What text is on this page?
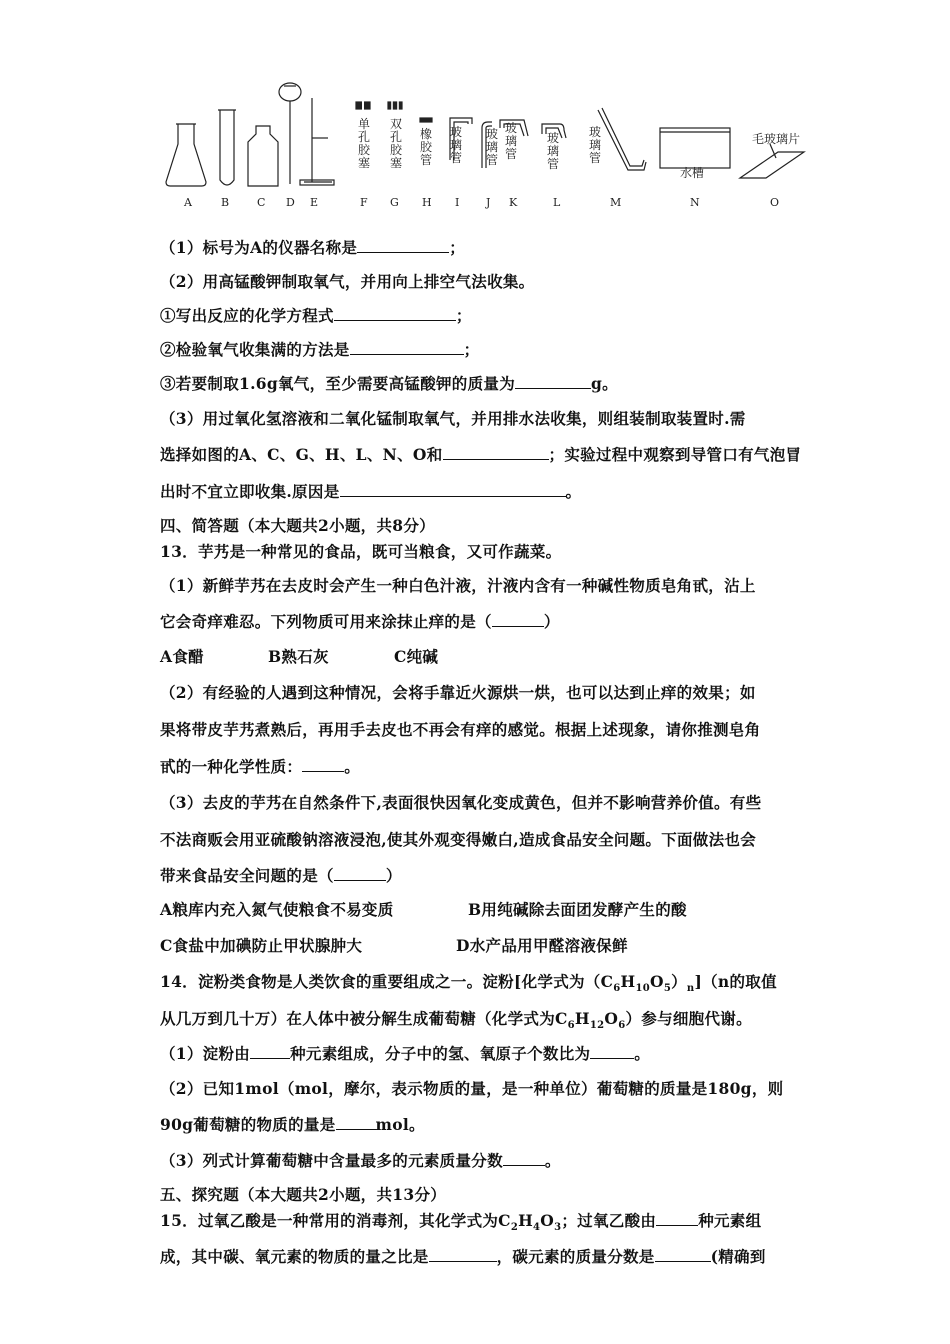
单孔胶塞
双孔胶塞
橡胶管
玻璃管
玻璃管
玻璃管
玻璃管
玻璃管
水槽
毛玻璃片
A	B	C D E	F G H I J K	L	M	N	O
（1）标号为A的仪器名称是	；
（2）用高锰酸钾制取氧气，并用向上排空气法收集。
①写出反应的化学方程式	；
②检验氧气收集满的方法是	；
③若要制取1.6g氧气，至少需要高锰酸钾的质量为	g。
（3）用过氧化氢溶液和二氧化锰制取氧气，并用排水法收集，则组装制取装置时.需
选择如图的A、C、G、H、L、N、O和	；实验过程中观察到导管口有气泡冒
出时不宜立即收集.原因是	。
四、简答题（本大题共2小题，共8分）
13．芋艿是一种常见的食品，既可当粮食，又可作蔬菜。
（1）新鲜芋艿在去皮时会产生一种白色汁液，汁液内含有一种碱性物质皂角甙，沾上
它会奇痒难忍。下列物质可用来涂抹止痒的是（	）
A食醋	B熟石灰	C纯碱
（2）有经验的人遇到这种情况，会将手靠近火源烘一烘，也可以达到止痒的效果；如
果将带皮芋艿煮熟后，再用手去皮也不再会有痒的感觉。根据上述现象，请你推测皂角
甙的一种化学性质：	。
（3）去皮的芋艿在自然条件下,表面很快因氧化变成黄色，但并不影响营养价值。有些
不法商贩会用亚硫酸钠溶液浸泡,使其外观变得嫩白,造成食品安全问题。下面做法也会
带来食品安全问题的是（	）
A粮库内充入氮气使粮食不易变质	B用纯碱除去面团发酵产生的酸
C食盐中加碘防止甲状腺肿大	D水产品用甲醛溶液保鲜
14．淀粉类食物是人类饮食的重要组成之一。淀粉[化学式为$(C_6H_{10}O_5)_n](n$的取值
从几万到几十万）在人体中被分解生成葡萄糖（化学式为$C_6H_{12}O_6$）参与细胞代谢。
（1）淀粉由	种元素组成，分子中的氢、氧原子个数比为	。
（2）已知1mol（mol，摩尔，表示物质的量，是一种单位）葡萄糖的质量是180g，则
90g葡萄糖的物质的量是	mol。
（3）列式计算葡萄糖中含量最多的元素质量分数	。
五、探究题（本大题共2小题，共13分）
15．过氧乙酸是一种常用的消毒剂，其化学式为$C_2H_4O_3$；过氧乙酸由	种元素组
成，其中碳、氧元素的物质的量之比是	，碳元素的质量分数是	(精确到
